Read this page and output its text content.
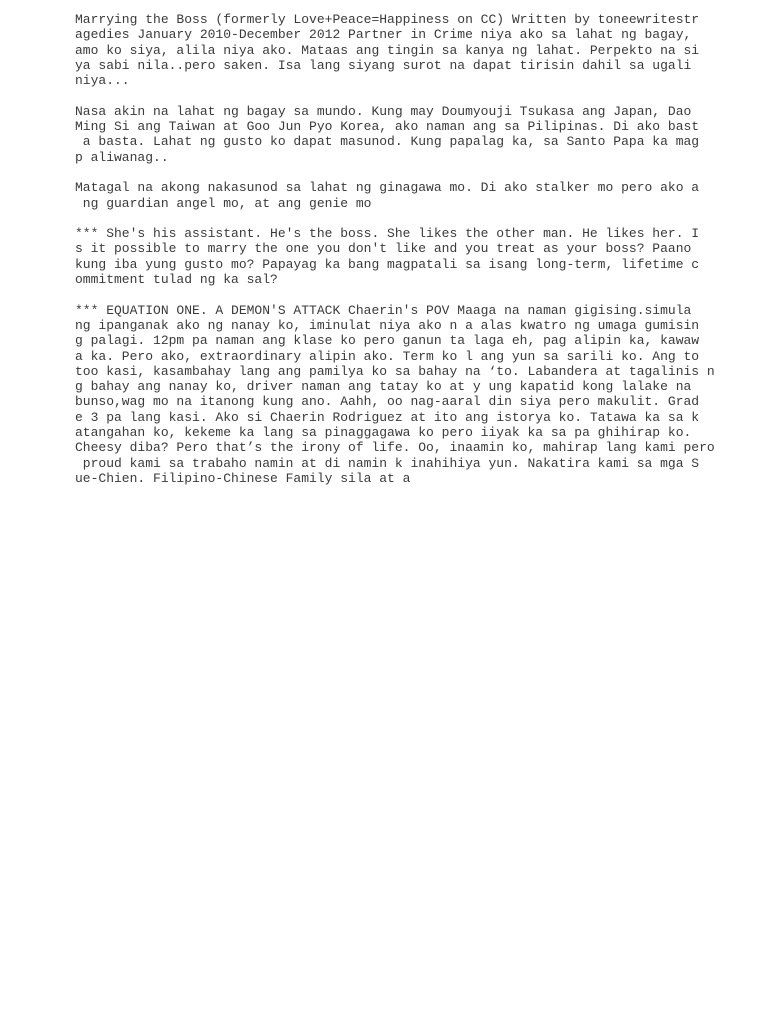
Marrying the Boss (formerly Love+Peace=Happiness on CC) Written by toneewritestr
agedies January 2010-December 2012 Partner in Crime niya ako sa lahat ng bagay,
amo ko siya, alila niya ako. Mataas ang tingin sa kanya ng lahat. Perpekto na si
ya sabi nila..pero saken. Isa lang siyang surot na dapat tirisin dahil sa ugali
niya...
Nasa akin na lahat ng bagay sa mundo. Kung may Doumyouji Tsukasa ang Japan, Dao
Ming Si ang Taiwan at Goo Jun Pyo Korea, ako naman ang sa Pilipinas. Di ako bast
a basta. Lahat ng gusto ko dapat masunod. Kung papalag ka, sa Santo Papa ka mag
p aliwanag..
Matagal na akong nakasunod sa lahat ng ginagawa mo. Di ako stalker mo pero ako a
ng guardian angel mo, at ang genie mo
*** She's his assistant. He's the boss. She likes the other man. He likes her. I
s it possible to marry the one you don't like and you treat as your boss? Paano
kung iba yung gusto mo? Papayag ka bang magpatali sa isang long-term, lifetime c
ommitment tulad ng ka sal?
*** EQUATION ONE. A DEMON'S ATTACK Chaerin's POV Maaga na naman gigising.simula
ng ipanganak ako ng nanay ko, iminulat niya ako n a alas kwatro ng umaga gumisin
g palagi. 12pm pa naman ang klase ko pero ganun ta laga eh, pag alipin ka, kawaw
a ka. Pero ako, extraordinary alipin ako. Term ko l ang yun sa sarili ko. Ang to
too kasi, kasambahay lang ang pamilya ko sa bahay na ‘to. Labandera at tagalinis n
g bahay ang nanay ko, driver naman ang tatay ko at y ung kapatid kong lalake na
bunso,wag mo na itanong kung ano. Aahh, oo nag-aaral din siya pero makulit. Grad
e 3 pa lang kasi. Ako si Chaerin Rodriguez at ito ang istorya ko. Tatawa ka sa k
atangahan ko, kekeme ka lang sa pinaggagawa ko pero iiyak ka sa pa ghihirap ko.
Cheesy diba? Pero that’s the irony of life. Oo, inaamin ko, mahirap lang kami pero
proud kami sa trabaho namin at di namin k inahihiya yun. Nakatira kami sa mga S
ue-Chien. Filipino-Chinese Family sila at a
